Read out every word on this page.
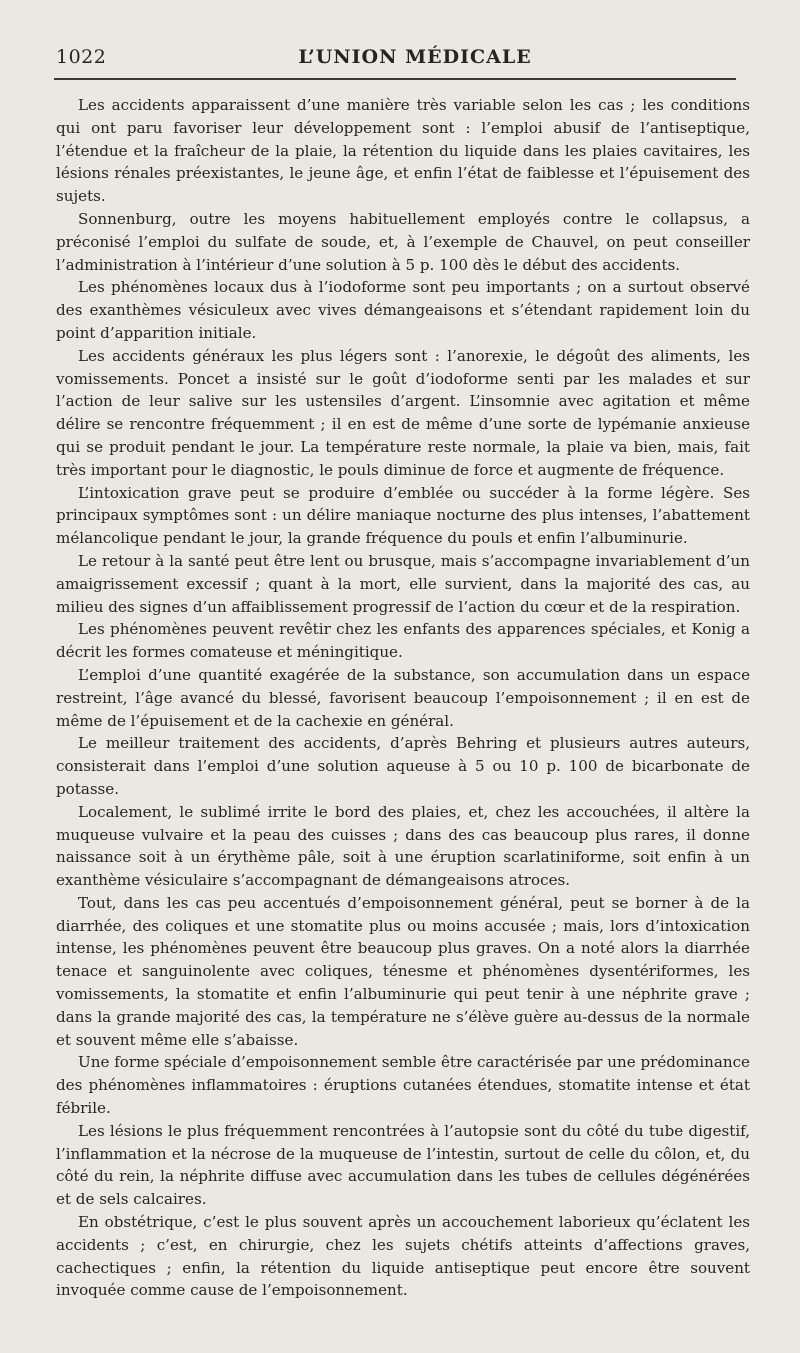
1022	L’UNION MÉDICALE

Les accidents apparaissent d’une manière très variable selon les cas ; les conditions qui ont paru favoriser leur développement sont : l’emploi abusif de l’antiseptique, l’étendue et la fraîcheur de la plaie, la rétention du liquide dans les plaies cavitaires, les lésions rénales préexistantes, le jeune âge, et enfin l’état de faiblesse et l’épuisement des sujets.

Sonnenburg, outre les moyens habituellement employés contre le collapsus, a préconisé l’emploi du sulfate de soude, et, à l’exemple de Chauvel, on peut conseiller l’administration à l’intérieur d’une solution à 5 p. 100 dès le début des accidents.

Les phénomènes locaux dus à l’iodoforme sont peu importants ; on a surtout observé des exanthèmes vésiculeux avec vives démangeaisons et s’étendant rapidement loin du point d’apparition initiale.

Les accidents généraux les plus légers sont : l’anorexie, le dégoût des aliments, les vomissements. Poncet a insisté sur le goût d’iodoforme senti par les malades et sur l’action de leur salive sur les ustensiles d’argent. L’insomnie avec agitation et même délire se rencontre fréquemment ; il en est de même d’une sorte de lypémanie anxieuse qui se produit pendant le jour. La température reste normale, la plaie va bien, mais, fait très important pour le diagnostic, le pouls diminue de force et augmente de fréquence.

L’intoxication grave peut se produire d’emblée ou succéder à la forme légère. Ses principaux symptômes sont : un délire maniaque nocturne des plus intenses, l’abattement mélancolique pendant le jour, la grande fréquence du pouls et enfin l’albuminurie.

Le retour à la santé peut être lent ou brusque, mais s’accompagne invariablement d’un amaigrissement excessif ; quant à la mort, elle survient, dans la majorité des cas, au milieu des signes d’un affaiblissement progressif de l’action du cœur et de la respiration.

Les phénomènes peuvent revêtir chez les enfants des apparences spéciales, et Konig a décrit les formes comateuse et méningitique.

L’emploi d’une quantité exagérée de la substance, son accumulation dans un espace restreint, l’âge avancé du blessé, favorisent beaucoup l’empoisonnement ; il en est de même de l’épuisement et de la cachexie en général.

Le meilleur traitement des accidents, d’après Behring et plusieurs autres auteurs, consisterait dans l’emploi d’une solution aqueuse à 5 ou 10 p. 100 de bicarbonate de potasse.

Localement, le sublimé irrite le bord des plaies, et, chez les accouchées, il altère la muqueuse vulvaire et la peau des cuisses ; dans des cas beaucoup plus rares, il donne naissance soit à un érythème pâle, soit à une éruption scarlatiniforme, soit enfin à un exanthème vésiculaire s’accompagnant de démangeaisons atroces.

Tout, dans les cas peu accentués d’empoisonnement général, peut se borner à de la diarrhée, des coliques et une stomatite plus ou moins accusée ; mais, lors d’intoxication intense, les phénomènes peuvent être beaucoup plus graves. On a noté alors la diarrhée tenace et sanguinolente avec coliques, ténesme et phénomènes dysentériformes, les vomissements, la stomatite et enfin l’albuminurie qui peut tenir à une néphrite grave ; dans la grande majorité des cas, la température ne s’élève guère au-dessus de la normale et souvent même elle s’abaisse.

Une forme spéciale d’empoisonnement semble être caractérisée par une prédominance des phénomènes inflammatoires : éruptions cutanées étendues, stomatite intense et état fébrile.

Les lésions le plus fréquemment rencontrées à l’autopsie sont du côté du tube digestif, l’inflammation et la nécrose de la muqueuse de l’intestin, surtout de celle du côlon, et, du côté du rein, la néphrite diffuse avec accumulation dans les tubes de cellules dégénérées et de sels calcaires.

En obstétrique, c’est le plus souvent après un accouchement laborieux qu’éclatent les accidents ; c’est, en chirurgie, chez les sujets chétifs atteints d’affections graves, cachectiques ; enfin, la rétention du liquide antiseptique peut encore être souvent invoquée comme cause de l’empoisonnement.
